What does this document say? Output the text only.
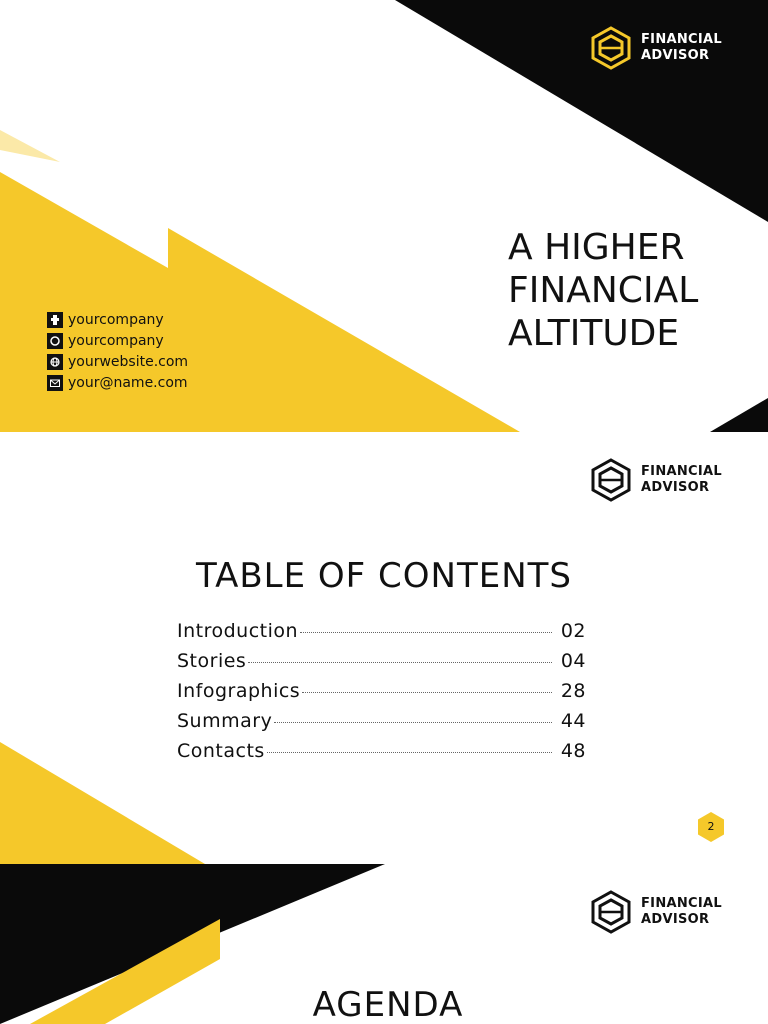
FINANCIAL
ADVISOR
A HIGHER
FINANCIAL
ALTITUDE
yourcompany
yourcompany
yourwebsite.com
your@name.com
FINANCIAL
ADVISOR
TABLE OF CONTENTS
Introduction	02
Stories	04
Infographics	28
Summary	44
Contacts	48
2
FINANCIAL
ADVISOR
AGENDA
